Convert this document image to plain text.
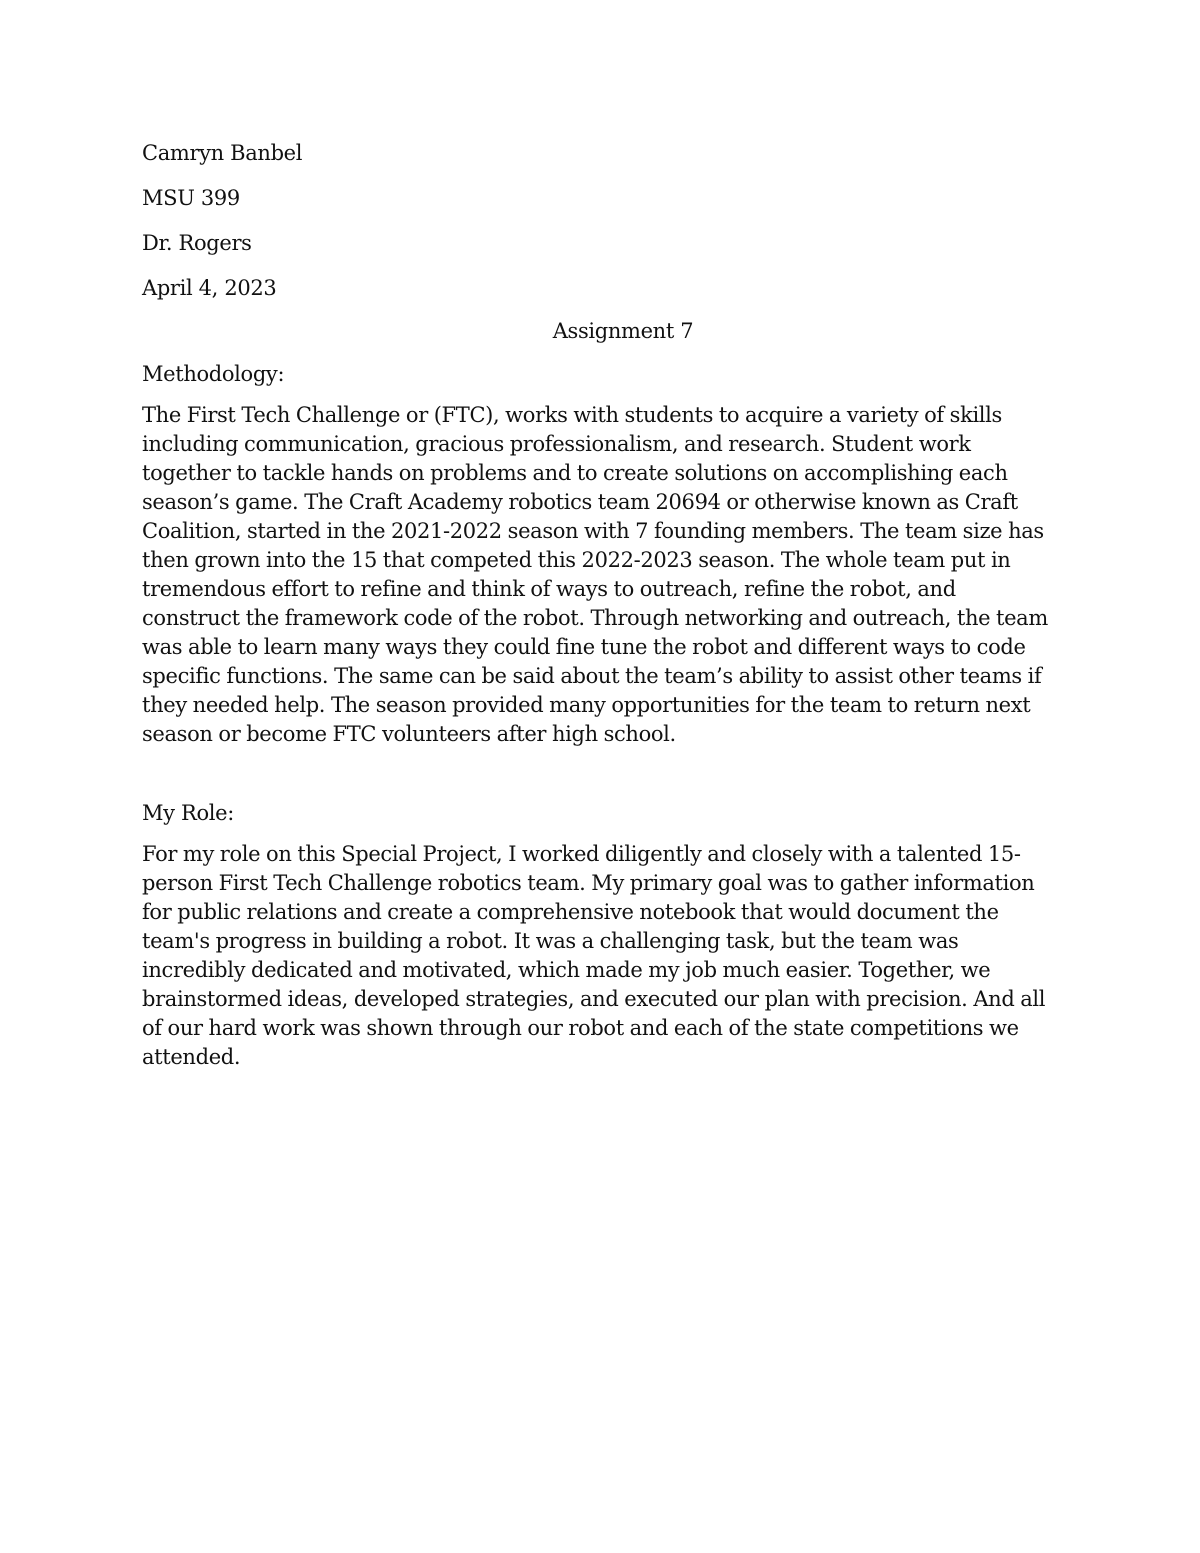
Camryn Banbel
MSU 399
Dr. Rogers
April 4, 2023
Assignment 7
Methodology:
The First Tech Challenge or (FTC), works with students to acquire a variety of skills
including communication, gracious professionalism, and research. Student work
together to tackle hands on problems and to create solutions on accomplishing each
season’s game. The Craft Academy robotics team 20694 or otherwise known as Craft
Coalition, started in the 2021-2022 season with 7 founding members. The team size has
then grown into the 15 that competed this 2022-2023 season. The whole team put in
tremendous effort to refine and think of ways to outreach, refine the robot, and
construct the framework code of the robot. Through networking and outreach, the team
was able to learn many ways they could fine tune the robot and different ways to code
specific functions. The same can be said about the team’s ability to assist other teams if
they needed help. The season provided many opportunities for the team to return next
season or become FTC volunteers after high school.
My Role:
For my role on this Special Project, I worked diligently and closely with a talented 15-
person First Tech Challenge robotics team. My primary goal was to gather information
for public relations and create a comprehensive notebook that would document the
team's progress in building a robot. It was a challenging task, but the team was
incredibly dedicated and motivated, which made my job much easier. Together, we
brainstormed ideas, developed strategies, and executed our plan with precision. And all
of our hard work was shown through our robot and each of the state competitions we
attended.
